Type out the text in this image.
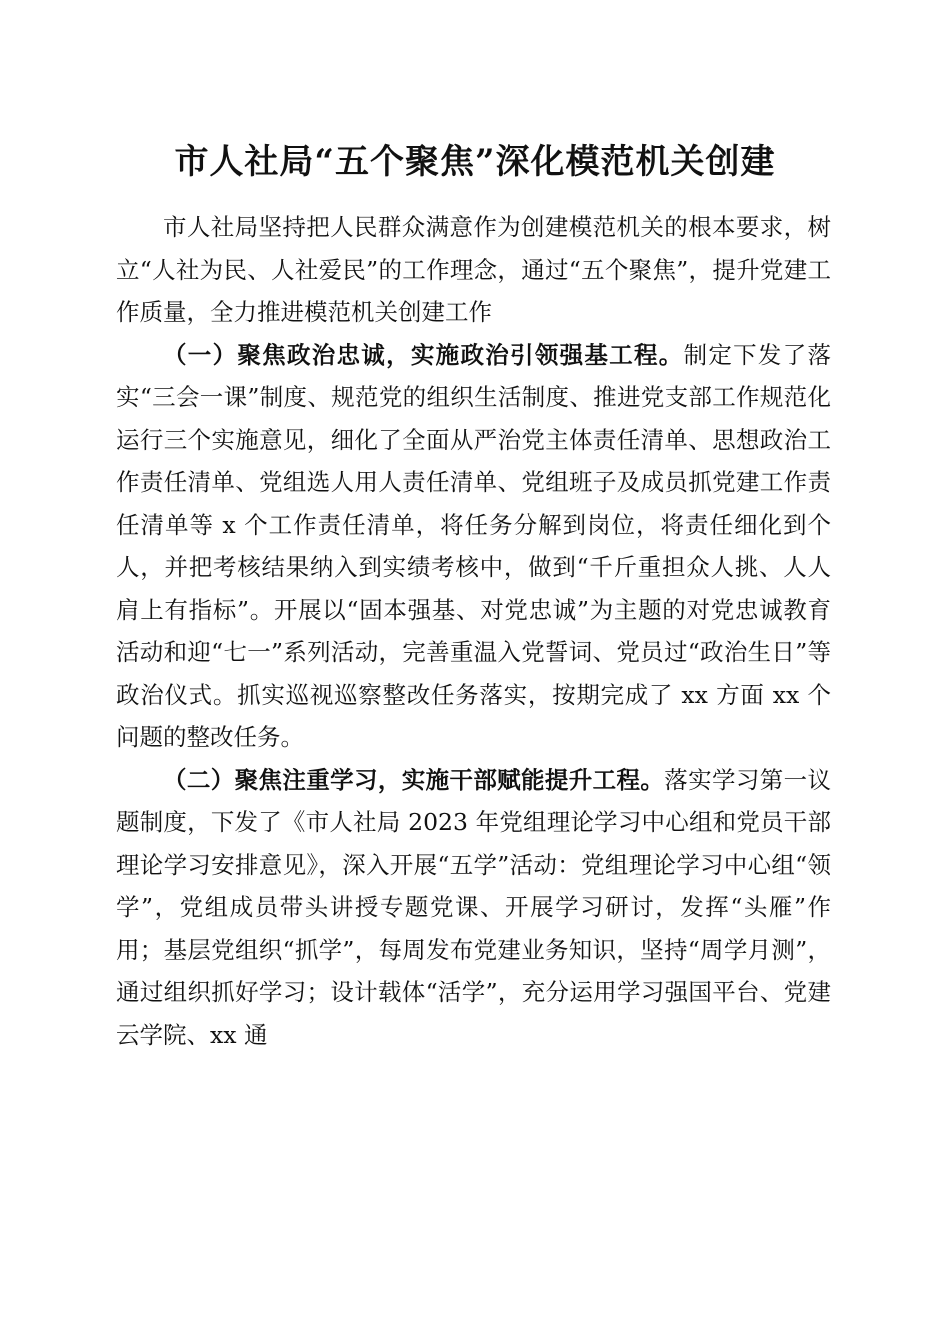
市人社局“五个聚焦”深化模范机关创建

市人社局坚持把人民群众满意作为创建模范机关的根本要求，树立“人社为民、人社爱民”的工作理念，通过“五个聚焦”，提升党建工作质量，全力推进模范机关创建工作

（一）聚焦政治忠诚，实施政治引领强基工程。制定下发了落实“三会一课”制度、规范党的组织生活制度、推进党支部工作规范化运行三个实施意见，细化了全面从严治党主体责任清单、思想政治工作责任清单、党组选人用人责任清单、党组班子及成员抓党建工作责任清单等 x 个工作责任清单，将任务分解到岗位，将责任细化到个人，并把考核结果纳入到实绩考核中，做到“千斤重担众人挑、人人肩上有指标”。开展以“固本强基、对党忠诚”为主题的对党忠诚教育活动和迎“七一”系列活动，完善重温入党誓词、党员过“政治生日”等政治仪式。抓实巡视巡察整改任务落实，按期完成了 xx 方面 xx 个问题的整改任务。

（二）聚焦注重学习，实施干部赋能提升工程。落实学习第一议题制度，下发了《市人社局 2023 年党组理论学习中心组和党员干部理论学习安排意见》，深入开展“五学”活动：党组理论学习中心组“领学”，党组成员带头讲授专题党课、开展学习研讨，发挥“头雁”作用；基层党组织“抓学”，每周发布党建业务知识，坚持“周学月测”，通过组织抓好学习；设计载体“活学”，充分运用学习强国平台、党建云学院、xx 通
